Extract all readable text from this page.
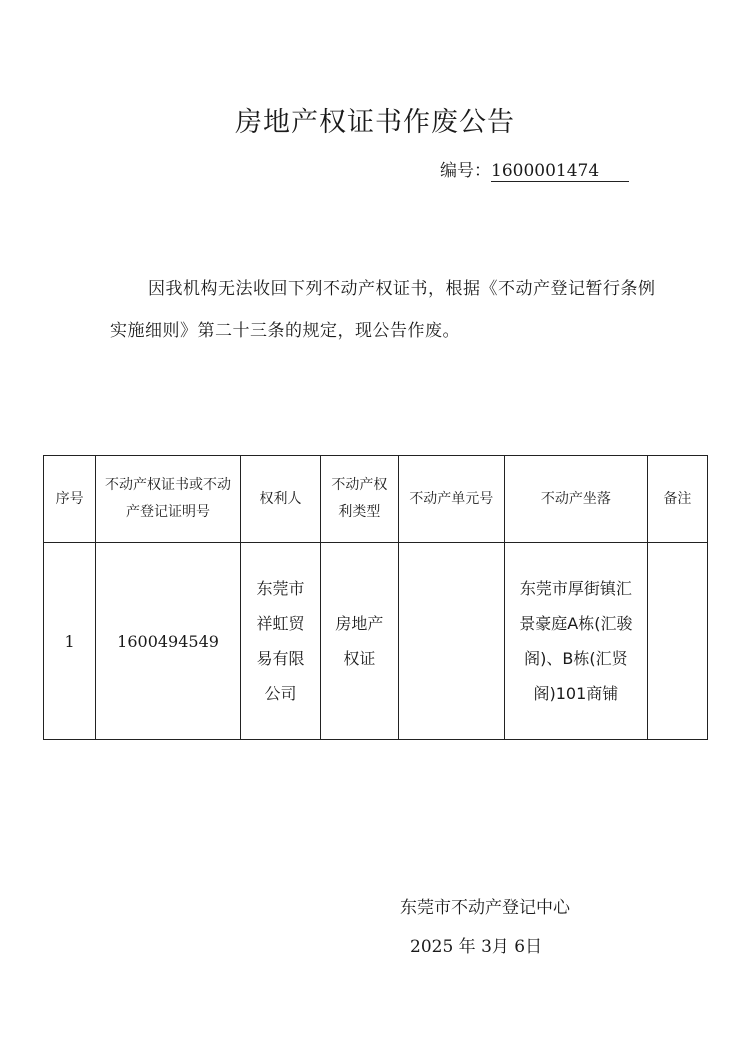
房地产权证书作废公告
编号：1600001474
因我机构无法收回下列不动产权证书，根据《不动产登记暂行条例实施细则》第二十三条的规定，现公告作废。
序号	不动产权证书或不动产登记证明号	权利人	不动产权利类型	不动产单元号	不动产坐落	备注
1	1600494549	东莞市祥虹贸易有限公司	房地产权证		东莞市厚街镇汇景豪庭A栋(汇骏阁)、B栋(汇贤阁)101商铺	
东莞市不动产登记中心
2025 年 3月 6日
